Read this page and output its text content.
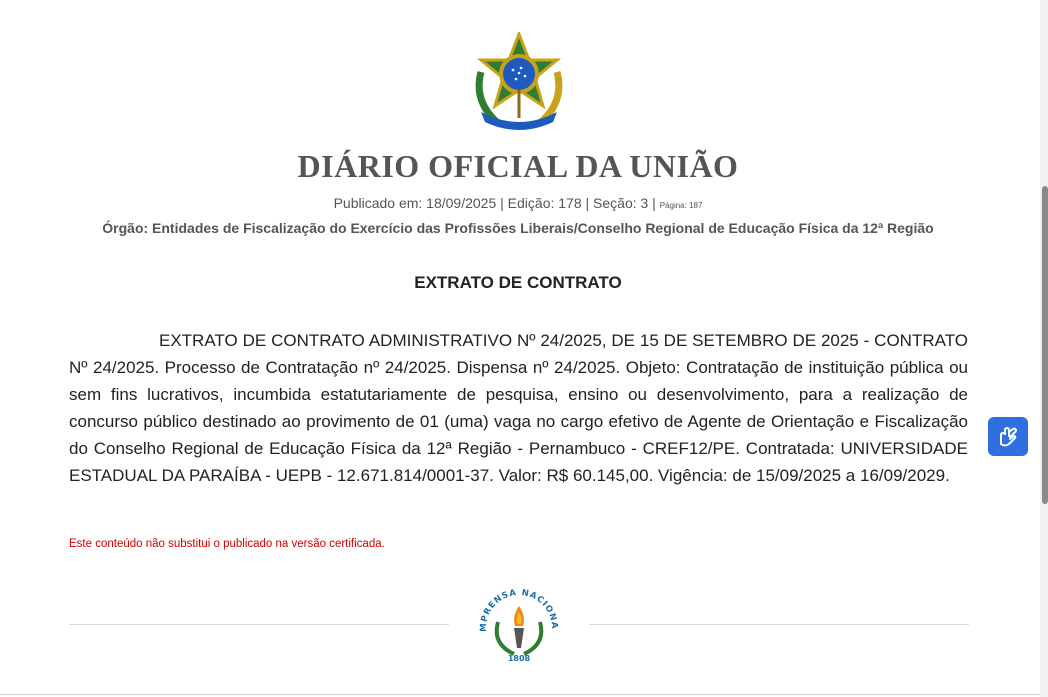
DIÁRIO OFICIAL DA UNIÃO
Publicado em: 18/09/2025 | Edição: 178 | Seção: 3 | Página: 187
Órgão: Entidades de Fiscalização do Exercício das Profissões Liberais/Conselho Regional de Educação Física da 12ª Região
EXTRATO DE CONTRATO

EXTRATO DE CONTRATO ADMINISTRATIVO Nº 24/2025, DE 15 DE SETEMBRO DE 2025 - CONTRATO Nº 24/2025. Processo de Contratação nº 24/2025. Dispensa nº 24/2025. Objeto: Contratação de instituição pública ou sem fins lucrativos, incumbida estatutariamente de pesquisa, ensino ou desenvolvimento, para a realização de concurso público destinado ao provimento de 01 (uma) vaga no cargo efetivo de Agente de Orientação e Fiscalização do Conselho Regional de Educação Física da 12ª Região - Pernambuco - CREF12/PE. Contratada: UNIVERSIDADE ESTADUAL DA PARAÍBA - UEPB - 12.671.814/0001-37. Valor: R$ 60.145,00. Vigência: de 15/09/2025 a 16/09/2029.

Este conteúdo não substitui o publicado na versão certificada.
MPRENSA NACIONA
1808
